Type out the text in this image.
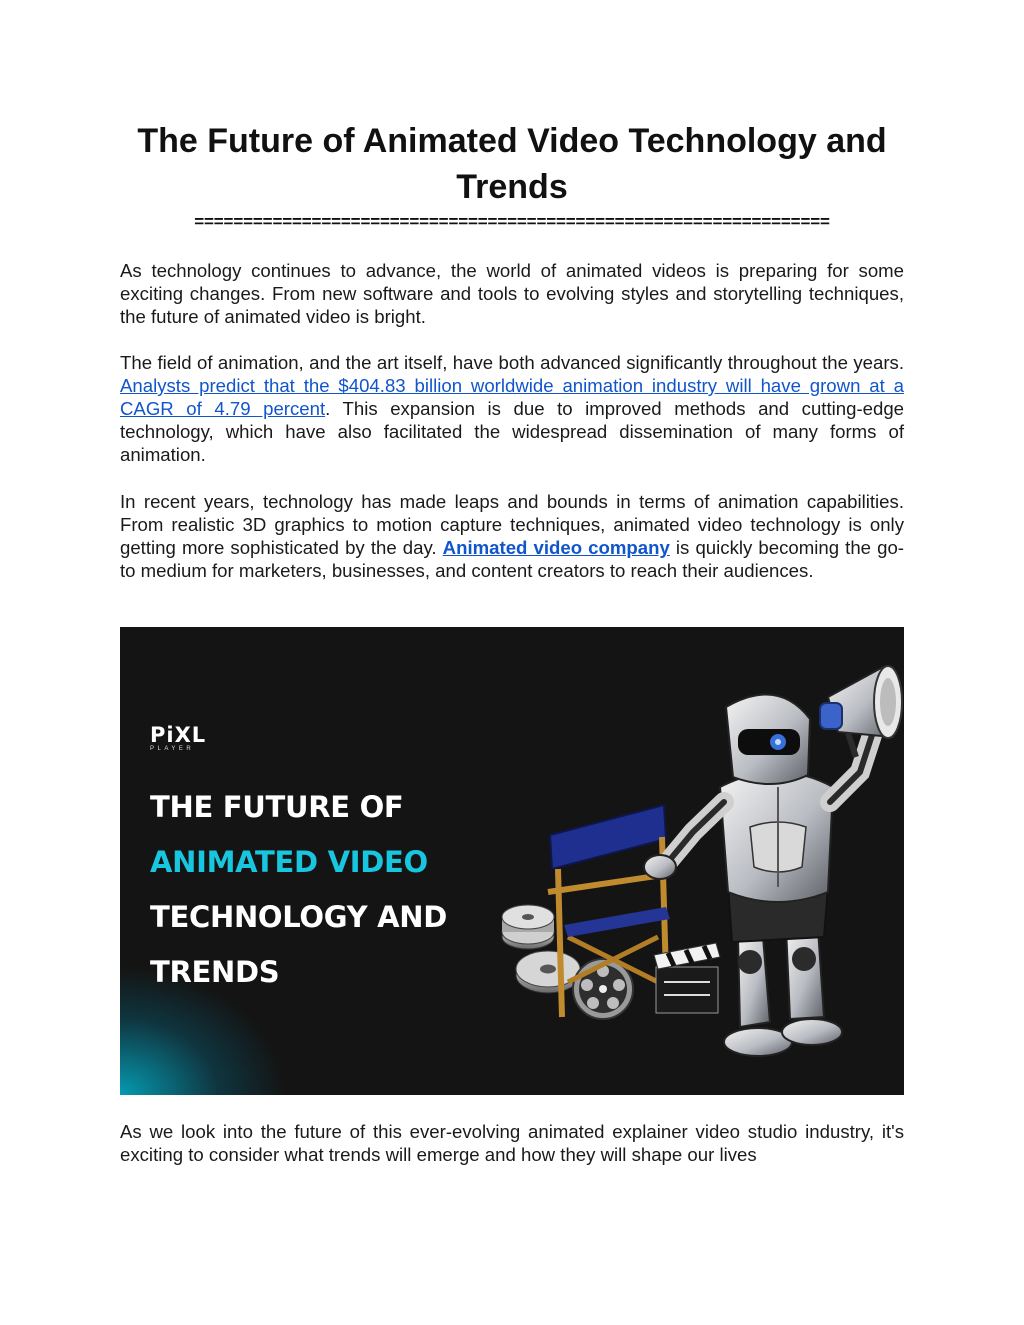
The Future of Animated Video Technology and Trends
=================================================================

As technology continues to advance, the world of animated videos is preparing for some exciting changes. From new software and tools to evolving styles and storytelling techniques, the future of animated video is bright.

The field of animation, and the art itself, have both advanced significantly throughout the years. Analysts predict that the $404.83 billion worldwide animation industry will have grown at a CAGR of 4.79 percent. This expansion is due to improved methods and cutting-edge technology, which have also facilitated the widespread dissemination of many forms of animation.

In recent years, technology has made leaps and bounds in terms of animation capabilities. From realistic 3D graphics to motion capture techniques, animated video technology is only getting more sophisticated by the day. Animated video company is quickly becoming the go-to medium for marketers, businesses, and content creators to reach their audiences.

PiXL
PLAYER
THE FUTURE OF
ANIMATED VIDEO
TECHNOLOGY AND
TRENDS

As we look into the future of this ever-evolving animated explainer video studio industry, it's exciting to consider what trends will emerge and how they will shape our lives
